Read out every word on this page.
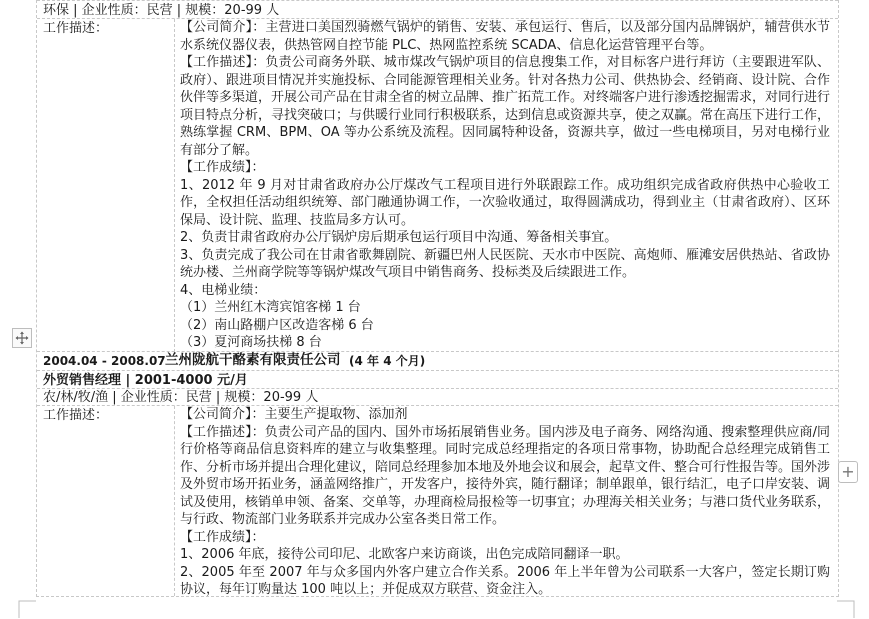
环保 | 企业性质：民营 | 规模：20-99 人
工作描述：	【公司简介】：主营进口美国烈骑燃气锅炉的销售、安装、承包运行、售后，以及部分国内品牌锅炉，辅营供水节水系统仪器仪表，供热管网自控节能 PLC、热网监控系统 SCADA、信息化运营管理平台等。

【工作描述】：负责公司商务外联、城市煤改气锅炉项目的信息搜集工作，对目标客户进行拜访（主要跟进军队、政府）、跟进项目情况并实施投标、合同能源管理相关业务。针对各热力公司、供热协会、经销商、设计院、合作伙伴等多渠道，开展公司产品在甘肃全省的树立品牌、推广拓荒工作。对终端客户进行渗透挖掘需求，对同行进行项目特点分析，寻找突破口；与供暖行业同行积极联系，达到信息或资源共享，使之双赢。常在高压下进行工作，熟练掌握 CRM、BPM、OA 等办公系统及流程。因同属特种设备，资源共享，做过一些电梯项目，另对电梯行业有部分了解。

【工作成绩】：

1、2012 年 9 月对甘肃省政府办公厅煤改气工程项目进行外联跟踪工作。成功组织完成省政府供热中心验收工作，全权担任活动组织统筹、部门融通协调工作，一次验收通过，取得圆满成功，得到业主（甘肃省政府）、区环保局、设计院、监理、技监局多方认可。

2、负责甘肃省政府办公厅锅炉房后期承包运行项目中沟通、筹备相关事宜。

3、负责完成了我公司在甘肃省歌舞剧院、新疆巴州人民医院、天水市中医院、高炮师、雁滩安居供热站、省政协统办楼、兰州商学院等等锅炉煤改气项目中销售商务、投标类及后续跟进工作。

4、电梯业绩：

（1）兰州红木湾宾馆客梯 1 台

（2）南山路棚户区改造客梯 6 台

（3）夏河商场扶梯 8 台

2004.04 - 2008.07 兰州陇航干酪素有限责任公司 (4 年 4 个月)
外贸销售经理 | 2001-4000 元/月
农/林/牧/渔 | 企业性质：民营 | 规模：20-99 人
工作描述：	【公司简介】：主要生产提取物、添加剂

【工作描述】：负责公司产品的国内、国外市场拓展销售业务。国内涉及电子商务、网络沟通、搜索整理供应商/同行价格等商品信息资料库的建立与收集整理。同时完成总经理指定的各项日常事物，协助配合总经理完成销售工作、分析市场并提出合理化建议，陪同总经理参加本地及外地会议和展会，起草文件、整合可行性报告等。国外涉及外贸市场开拓业务，涵盖网络推广，开发客户，接待外宾，随行翻译；制单跟单，银行结汇，电子口岸安装、调试及使用，核销单申领、备案、交单等，办理商检局报检等一切事宜；办理海关相关业务；与港口货代业务联系，与行政、物流部门业务联系并完成办公室各类日常工作。

【工作成绩】：

1、2006 年底，接待公司印尼、北欧客户来访商谈，出色完成陪同翻译一职。

2、2005 年至 2007 年与众多国内外客户建立合作关系。2006 年上半年曾为公司联系一大客户，签定长期订购协议，每年订购量达 100 吨以上；并促成双方联营、资金注入。

+
